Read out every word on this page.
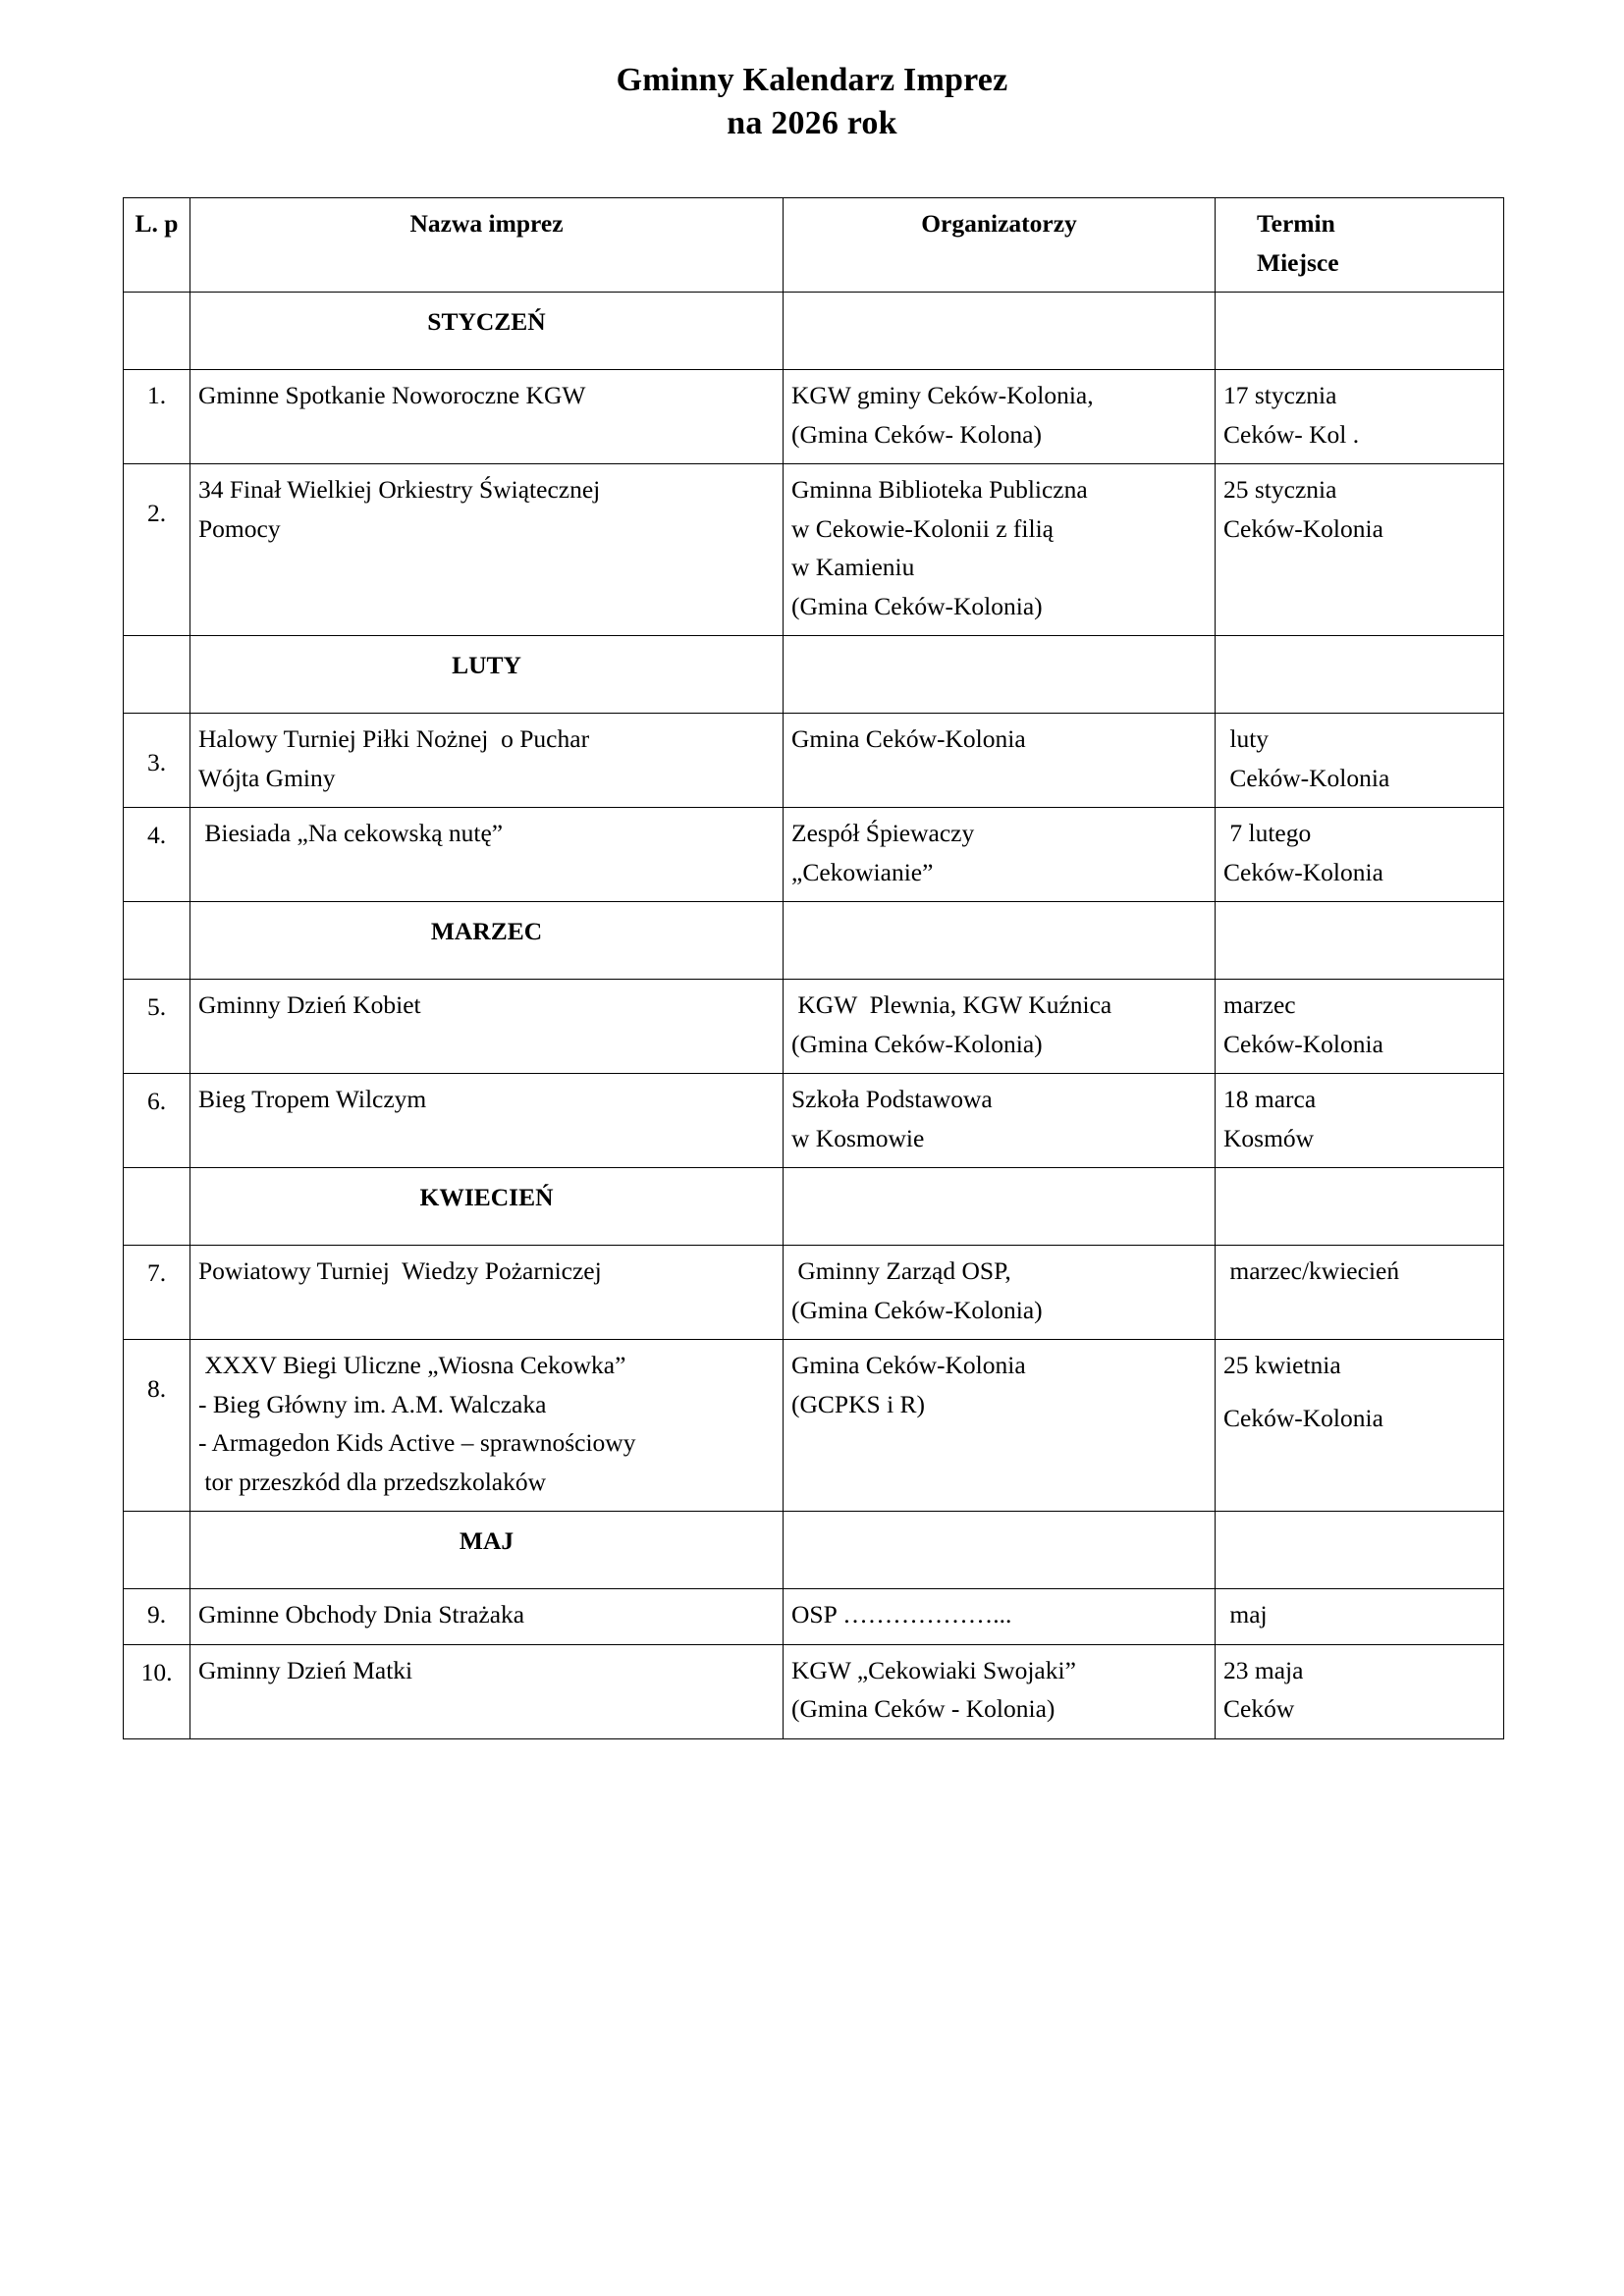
Gminny Kalendarz Imprez
na 2026 rok
L. p	Nazwa imprez	Organizatorzy	Termin
Miejsce

	STYCZEŃ		
1.	Gminne Spotkanie Noworoczne KGW	KGW gminy Ceków-Kolonia,
(Gmina Ceków- Kolona)	17 stycznia
Ceków- Kol .

2.	34 Finał Wielkiej Orkiestry Świątecznej
Pomocy	Gminna Biblioteka Publiczna
w Cekowie-Kolonii z filią
w Kamieniu
(Gmina Ceków-Kolonia)	25 stycznia
Ceków-Kolonia

	LUTY		
3.	Halowy Turniej Piłki Nożnej  o Puchar
Wójta Gminy	Gmina Ceków-Kolonia	luty
Ceków-Kolonia

4.	Biesiada „Na cekowską nutę”	Zespół Śpiewaczy
„Cekowianie”	7 lutego
Ceków-Kolonia

	MARZEC		
5.	Gminny Dzień Kobiet	KGW  Plewnia, KGW Kuźnica
(Gmina Ceków-Kolonia)	marzec
Ceków-Kolonia

6.	Bieg Tropem Wilczym	Szkoła Podstawowa
w Kosmowie	18 marca
Kosmów

	KWIECIEŃ		
7.	Powiatowy Turniej  Wiedzy Pożarniczej	Gminny Zarząd OSP,
(Gmina Ceków-Kolonia)	marzec/kwiecień

8.	XXXV Biegi Uliczne „Wiosna Cekowka”
- Bieg Główny im. A.M. Walczaka
- Armagedon Kids Active – sprawnościowy
tor przeszkód dla przedszkolaków	Gmina Ceków-Kolonia
(GCPKS i R)	25 kwietnia
Ceków-Kolonia

	MAJ		
9.	Gminne Obchody Dnia Strażaka	OSP ………………...	maj

10.	Gminny Dzień Matki	KGW „Cekowiaki Swojaki”
(Gmina Ceków - Kolonia)	23 maja
Ceków
